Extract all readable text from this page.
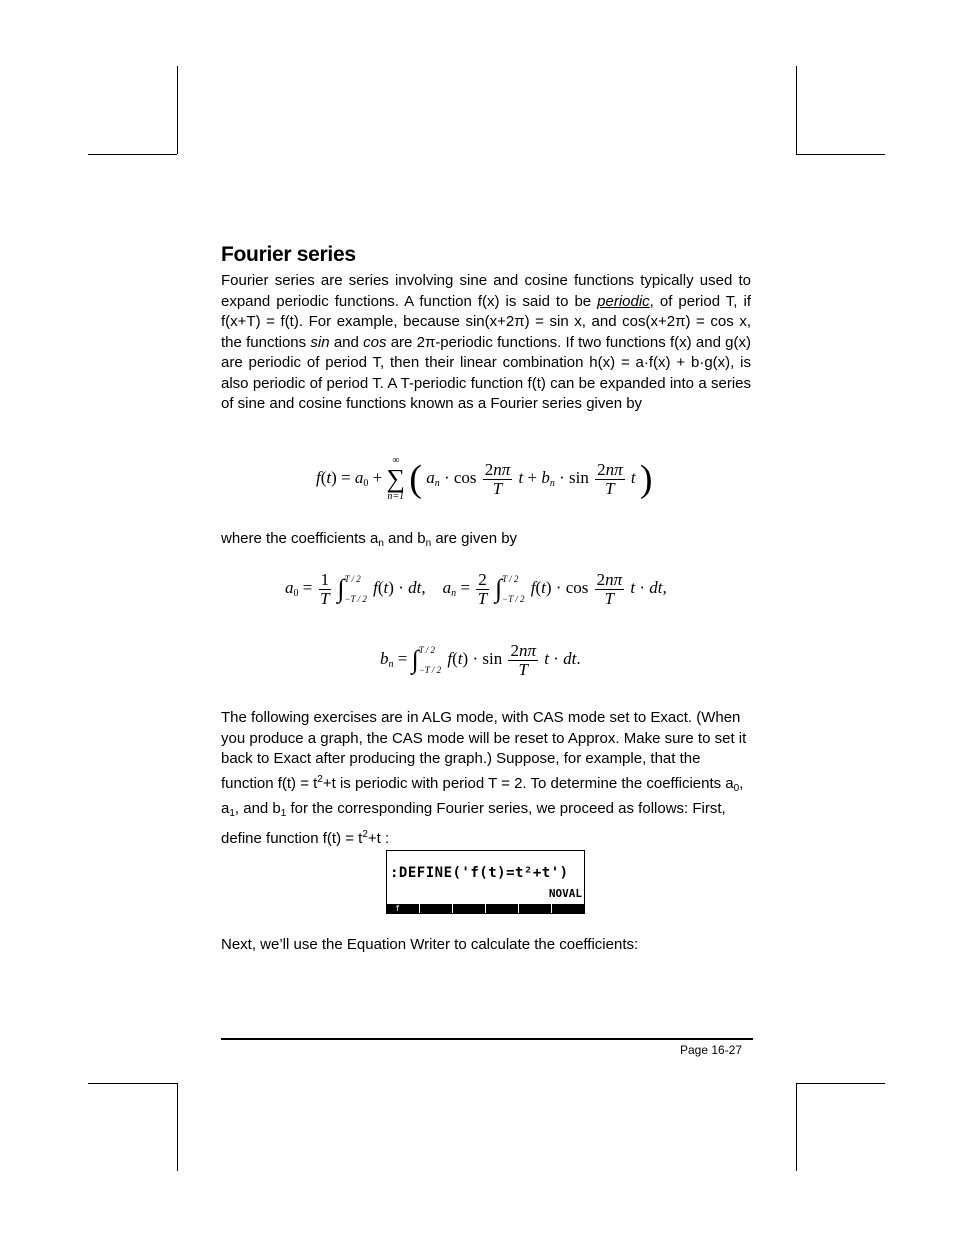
Fourier series

Fourier series are series involving sine and cosine functions typically used to expand periodic functions. A function f(x) is said to be periodic, of period T, if f(x+T) = f(t). For example, because sin(x+2π) = sin x, and cos(x+2π) = cos x, the functions sin and cos are 2π-periodic functions. If two functions f(x) and g(x) are periodic of period T, then their linear combination h(x) = a·f(x) + b·g(x), is also periodic of period T. A T-periodic function f(t) can be expanded into a series of sine and cosine functions known as a Fourier series given by

$f(t) = a_0$ +
∞
∑
n=1 ( $a_n \cdot \cos \frac{2n\pi}{T}$ $t + b_n \cdot \sin \frac{2n\pi}{T}$ t )

where the coefficients $a_n$ and $b_n$ are given by

$a_0 = \frac{1}{T}$ ∫ T / 2
−T / 2
f(t) · dt,    $a_n = \frac{2}{T}$ ∫ T / 2
−T / 2
$f(t) \cdot \cos \frac{2n\pi}{T}$ t · dt,
$b_n$ = ∫ T / 2
−T / 2
$f(t) \cdot \sin \frac{2n\pi}{T}$ t · dt.

The following exercises are in ALG mode, with CAS mode set to Exact. (When you produce a graph, the CAS mode will be reset to Approx. Make sure to set it back to Exact after producing the graph.) Suppose, for example, that the function $f(t) = t^2+t$ is periodic with period T = 2. To determine the coefficients $a_0$, $a_1$, and $b_1$ for the corresponding Fourier series, we proceed as follows: First, define function $f(t) = t^2+t$ :

:DEFINE('f(t)=t²+t')
NOVAL
f

Next, we’ll use the Equation Writer to calculate the coefficients:

Page 16-27
